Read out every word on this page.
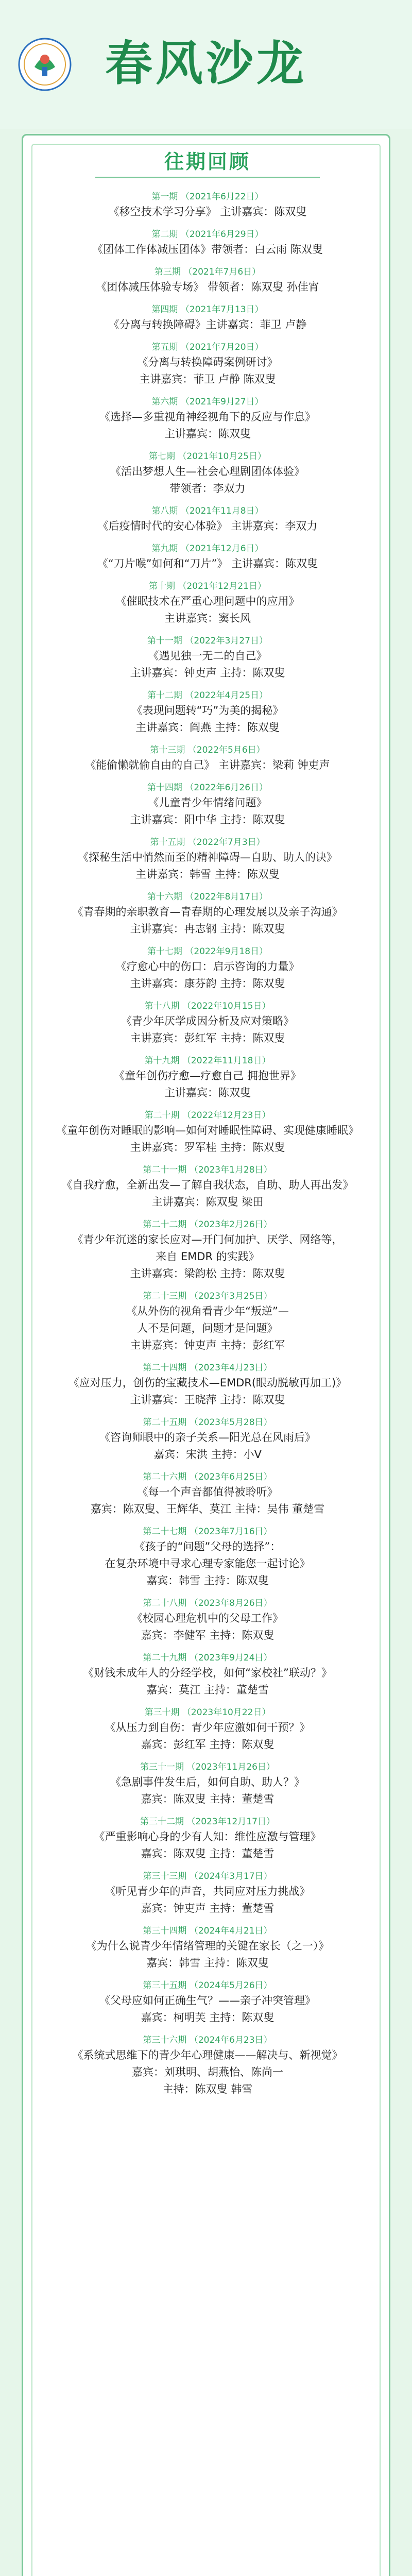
春风沙龙
往期回顾
第一期 （2021年6月22日）
《移空技术学习分享》 主讲嘉宾：陈双叟
第二期 （2021年6月29日）
《团体工作体减压团体》带领者：白云雨 陈双叟
第三期 （2021年7月6日）
《团体减压体验专场》 带领者：陈双叟 孙佳宵
第四期 （2021年7月13日）
《分离与转换障碍》主讲嘉宾：菲卫 卢静
第五期 （2021年7月20日）
《分离与转换障碍案例研讨》
主讲嘉宾：菲卫 卢静 陈双叟
第六期 （2021年9月27日）
《选择—多重视角神经视角下的反应与作息》
主讲嘉宾：陈双叟
第七期 （2021年10月25日）
《活出梦想人生—社会心理剧团体体验》
带领者：李双力
第八期 （2021年11月8日）
《后疫情时代的安心体验》 主讲嘉宾：李双力
第九期 （2021年12月6日）
《“刀片喉”如何和“刀片”》 主讲嘉宾：陈双叟
第十期 （2021年12月21日）
《催眠技术在严重心理问题中的应用》
主讲嘉宾：窦长风
第十一期 （2022年3月27日）
《遇见独一无二的自己》
主讲嘉宾：钟吏声 主持：陈双叟
第十二期 （2022年4月25日）
《表现问题转“巧”为美的揭秘》
主讲嘉宾：阎燕 主持：陈双叟
第十三期 （2022年5月6日）
《能偷懒就偷自由的自己》 主讲嘉宾：梁莉 钟吏声
第十四期 （2022年6月26日）
《儿童青少年情绪问题》
主讲嘉宾：阳中华 主持：陈双叟
第十五期 （2022年7月3日）
《探秘生活中悄然而至的精神障碍—自助、助人的诀》
主讲嘉宾：韩雪 主持：陈双叟
第十六期 （2022年8月17日）
《青春期的亲职教育—青春期的心理发展以及亲子沟通》
主讲嘉宾：冉志钢 主持：陈双叟
第十七期 （2022年9月18日）
《疗愈心中的伤口：启示咨询的力量》
主讲嘉宾：康芬韵 主持：陈双叟
第十八期 （2022年10月15日）
《青少年厌学成因分析及应对策略》
主讲嘉宾：彭红军 主持：陈双叟
第十九期 （2022年11月18日）
《童年创伤疗愈—疗愈自己 拥抱世界》
主讲嘉宾：陈双叟
第二十期 （2022年12月23日）
《童年创伤对睡眠的影响—如何对睡眠性障碍、实现健康睡眠》
主讲嘉宾：罗军桂 主持：陈双叟
第二十一期 （2023年1月28日）
《自我疗愈，全新出发—了解自我状态，自助、助人再出发》
主讲嘉宾：陈双叟 梁田
第二十二期 （2023年2月26日）
《青少年沉迷的家长应对—开门何加护、厌学、网络等，
来自 EMDR 的实践》
主讲嘉宾：梁韵松 主持：陈双叟
第二十三期 （2023年3月25日）
《从外伤的视角看青少年“叛逆”—
人不是问题，问题才是问题》
主讲嘉宾：钟吏声 主持：彭红军
第二十四期 （2023年4月23日）
《应对压力，创伤的宝藏技术—EMDR(眼动脱敏再加工)》
主讲嘉宾：王晓萍 主持：陈双叟
第二十五期 （2023年5月28日）
《咨询师眼中的亲子关系—阳光总在风雨后》
嘉宾：宋洪 主持：小V
第二十六期 （2023年6月25日）
《每一个声音都值得被聆听》
嘉宾：陈双叟、王辉华、莫江 主持：吴伟 董楚雪
第二十七期 （2023年7月16日）
《孩子的“问题”父母的选择”：
在复杂环境中寻求心理专家能您一起讨论》
嘉宾：韩雪 主持：陈双叟
第二十八期 （2023年8月26日）
《校园心理危机中的父母工作》
嘉宾：李健军 主持：陈双叟
第二十九期 （2023年9月24日）
《财钱未成年人的分经学校，如何“家校社”联动？》
嘉宾：莫江 主持：董楚雪
第三十期 （2023年10月22日）
《从压力到自伤：青少年应激如何干预？》
嘉宾：彭红军 主持：陈双叟
第三十一期 （2023年11月26日）
《急剧事件发生后，如何自助、助人？》
嘉宾：陈双叟 主持：董楚雪
第三十二期 （2023年12月17日）
《严重影响心身的少有人知：维性应激与管理》
嘉宾：陈双叟 主持：董楚雪
第三十三期 （2024年3月17日）
《听见青少年的声音，共同应对压力挑战》
嘉宾：钟吏声 主持：董楚雪
第三十四期 （2024年4月21日）
《为什么说青少年情绪管理的关键在家长（之一）》
嘉宾：韩雪 主持：陈双叟
第三十五期 （2024年5月26日）
《父母应如何正确生气？——亲子冲突管理》
嘉宾：柯明芙 主持：陈双叟
第三十六期 （2024年6月23日）
《系统式思维下的青少年心理健康——解决与、新视觉》
嘉宾：刘琪明、胡燕怡、陈尚一
主持：陈双叟 韩雪
